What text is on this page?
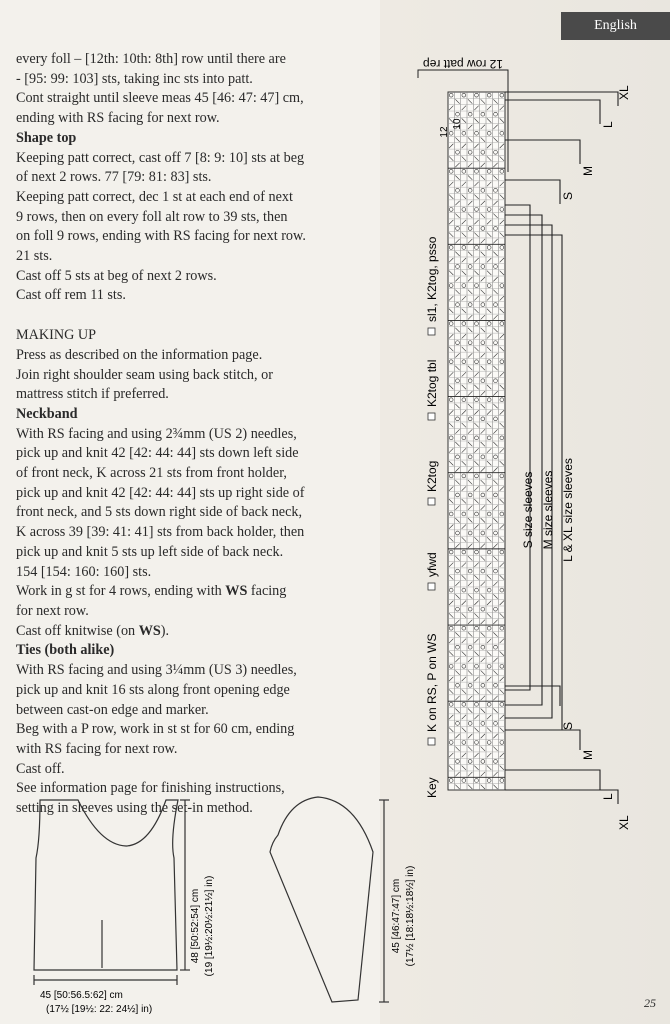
English

every foll – [12th: 10th: 8th] row until there are

- [95: 99: 103] sts, taking inc sts into patt.

Cont straight until sleeve meas 45 [46: 47: 47] cm,

ending with RS facing for next row.

Shape top

Keeping patt correct, cast off 7 [8: 9: 10] sts at beg

of next 2 rows. 77 [79: 81: 83] sts.

Keeping patt correct, dec 1 st at each end of next

9 rows, then on every foll alt row to 39 sts, then

on foll 9 rows, ending with RS facing for next row.

21 sts.

Cast off 5 sts at beg of next 2 rows.

Cast off rem 11 sts.

MAKING UP

Press as described on the information page.

Join right shoulder seam using back stitch, or

mattress stitch if preferred.

Neckband

With RS facing and using 2¾mm (US 2) needles,

pick up and knit 42 [42: 44: 44] sts down left side

of front neck, K across 21 sts from front holder,

pick up and knit 42 [42: 44: 44] sts up right side of

front neck, and 5 sts down right side of back neck,

K across 39 [39: 41: 41] sts from back holder, then

pick up and knit 5 sts up left side of back neck.

154 [154: 160: 160] sts.

Work in g st for 4 rows, ending with WS facing

for next row.

Cast off knitwise (on WS).

Ties (both alike)

With RS facing and using 3¼mm (US 3) needles,

pick up and knit 16 sts along front opening edge

between cast-on edge and marker.

Beg with a P row, work in st st for 60 cm, ending

with RS facing for next row.

Cast off.

See information page for finishing instructions,

setting in sleeves using the set-in method.

45 [50:56.5:62] cm
(17½ [19½: 22: 24½] in)
48 [50:52:54] cm (19 [19½:20½:21½] in)	45 [46:47:47] cm (17½ [18:18½:18½] in)
12 row patt rep
12
10
Key
K on RS, P on WS
yfwd
K2tog
K2tog tbl
sl1, K2tog, psso
XL
L
M
S
S
M
L
XL
S size sleeves M size sleeves L & XL size sleeves
25
